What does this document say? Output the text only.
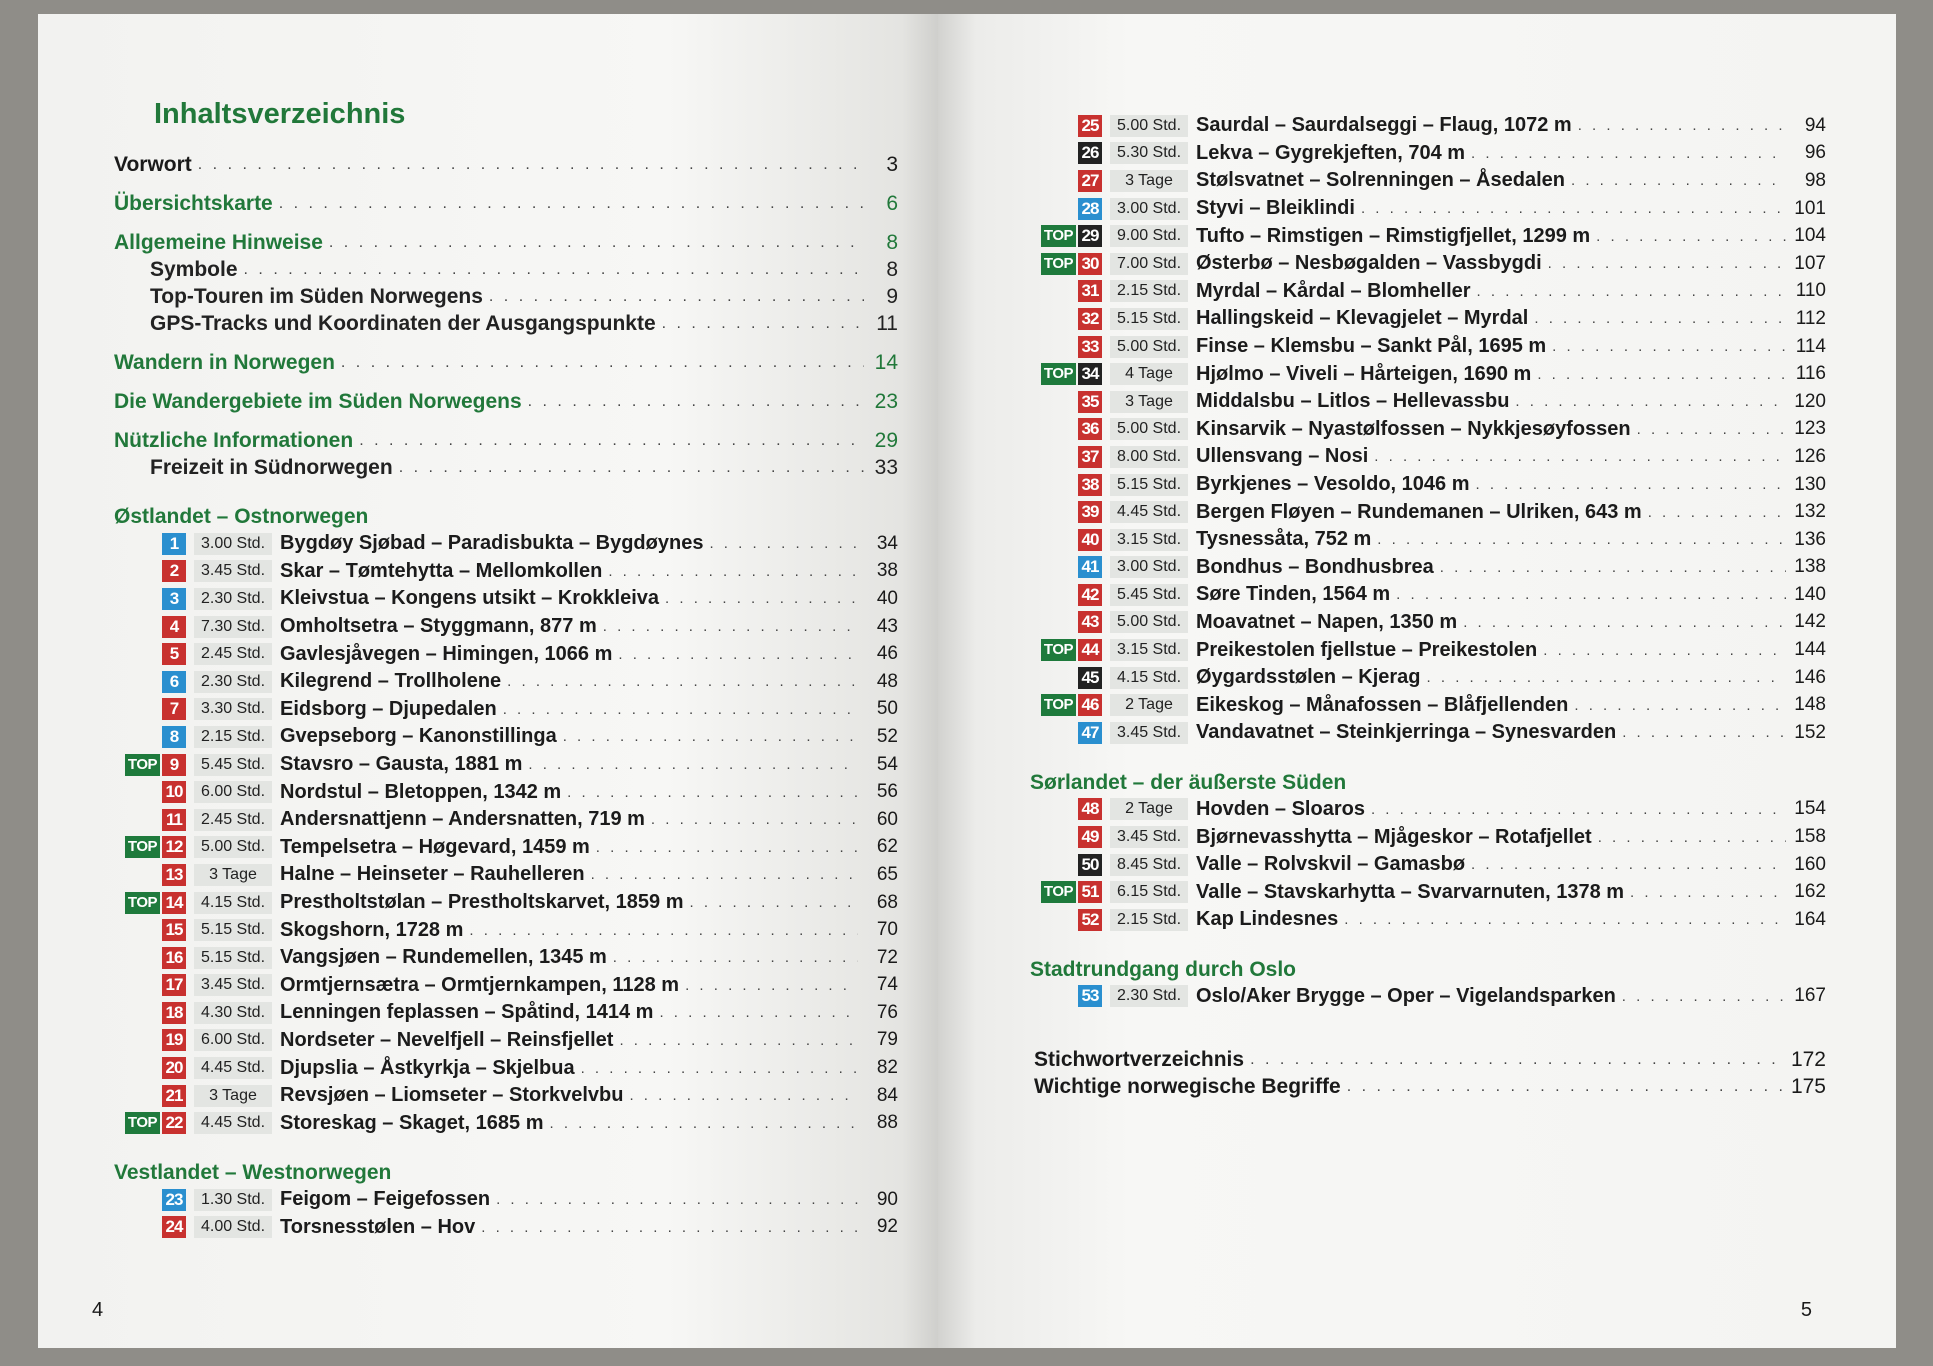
Inhaltsverzeichnis
Vorwort . . .	3
Übersichtskarte . . .	6
Allgemeine Hinweise . . .	8
Symbole . . .	8
Top-Touren im Süden Norwegens . . .	9
GPS-Tracks und Koordinaten der Ausgangspunkte . . .	11
Wandern in Norwegen . . .	14
Die Wandergebiete im Süden Norwegens . . .	23
Nützliche Informationen . . .	29
Freizeit in Südnorwegen . . .	33
Østlandet – Ostnorwegen
1	3.00 Std. Bygdøy Sjøbad – Paradisbukta – Bygdøynes . . .	34
2	3.45 Std. Skar – Tømtehytta – Mellomkollen . . .	38
3	2.30 Std. Kleivstua – Kongens utsikt – Krokkleiva . . .	40
4	7.30 Std. Omholtsetra – Styggmann, 877 m . . .	43
5	2.45 Std. Gavlesjåvegen – Himingen, 1066 m . . .	46
6	2.30 Std. Kilegrend – Trollholene . . .	48
7	3.30 Std. Eidsborg – Djupedalen . . .	50
8	2.15 Std. Gvepseborg – Kanonstillinga . . .	52
TOP 9	5.45 Std. Stavsro – Gausta, 1881 m . . .	54
10	6.00 Std. Nordstul – Bletoppen, 1342 m . . .	56
11	2.45 Std. Andersnattjenn – Andersnatten, 719 m . . .	60
TOP 12	5.00 Std. Tempelsetra – Høgevard, 1459 m . . .	62
13	3 Tage	Halne – Heinseter – Rauhelleren . . .	65
TOP 14	4.15 Std. Prestholtstølan – Prestholtskarvet, 1859 m . . .	68
15	5.15 Std. Skogshorn, 1728 m . . .	70
16	5.15 Std. Vangsjøen – Rundemellen, 1345 m . . .	72
17	3.45 Std. Ormtjernsætra – Ormtjernkampen, 1128 m . . .	74
18	4.30 Std. Lenningen feplassen – Spåtind, 1414 m . . .	76
19	6.00 Std. Nordseter – Nevelfjell – Reinsfjellet . . .	79
20	4.45 Std. Djupslia – Åstkyrkja – Skjelbua . . .	82
21	3 Tage	Revsjøen – Liomseter – Storkvelvbu . . .	84
TOP 22	4.45 Std. Storeskag – Skaget, 1685 m . . .	88
Vestlandet – Westnorwegen
23	1.30 Std. Feigom – Feigefossen . . .	90
24	4.00 Std. Torsnesstølen – Hov . . .	92
4
25	5.00 Std. Saurdal – Saurdalseggi – Flaug, 1072 m . . .	94
26	5.30 Std. Lekva – Gygrekjeften, 704 m . . .	96
27	3 Tage	Stølsvatnet – Solrenningen – Åsedalen . . .	98
28	3.00 Std. Styvi – Bleiklindi . . .	101
TOP 29	9.00 Std. Tufto – Rimstigen – Rimstigfjellet, 1299 m . . .	104
TOP 30	7.00 Std. Østerbø – Nesbøgalden – Vassbygdi . . .	107
31	2.15 Std. Myrdal – Kårdal – Blomheller . . .	110
32	5.15 Std. Hallingskeid – Klevagjelet – Myrdal . . .	112
33	5.00 Std. Finse – Klemsbu – Sankt Pål, 1695 m . . .	114
TOP 34	4 Tage	Hjølmo – Viveli – Hårteigen, 1690 m . . .	116
35	3 Tage	Middalsbu – Litlos – Hellevassbu . . .	120
36	5.00 Std. Kinsarvik – Nyastølfossen – Nykkjesøyfossen . . .	123
37	8.00 Std. Ullensvang – Nosi . . .	126
38	5.15 Std. Byrkjenes – Vesoldo, 1046 m . . .	130
39	4.45 Std. Bergen Fløyen – Rundemanen – Ulriken, 643 m . . .	132
40	3.15 Std. Tysnessåta, 752 m . . .	136
41	3.00 Std. Bondhus – Bondhusbrea . . .	138
42	5.45 Std. Søre Tinden, 1564 m . . .	140
43	5.00 Std. Moavatnet – Napen, 1350 m . . .	142
TOP 44	3.15 Std. Preikestolen fjellstue – Preikestolen . . .	144
45	4.15 Std. Øygardsstølen – Kjerag . . .	146
TOP 46	2 Tage	Eikeskog – Månafossen – Blåfjellenden . . .	148
47	3.45 Std. Vandavatnet – Steinkjerringa – Synesvarden . . .	152
Sørlandet – der äußerste Süden
48	2 Tage	Hovden – Sloaros . . .	154
49	3.45 Std. Bjørnevasshytta – Mjågeskor – Rotafjellet . . .	158
50	8.45 Std. Valle – Rolvskvil – Gamasbø . . .	160
TOP 51	6.15 Std. Valle – Stavskarhytta – Svarvarnuten, 1378 m . . .	162
52	2.15 Std. Kap Lindesnes . . .	164
Stadtrundgang durch Oslo
53	2.30 Std. Oslo/Aker Brygge – Oper – Vigelandsparken . . .	167
Stichwortverzeichnis . . .	172
Wichtige norwegische Begriffe . . .	175
5
